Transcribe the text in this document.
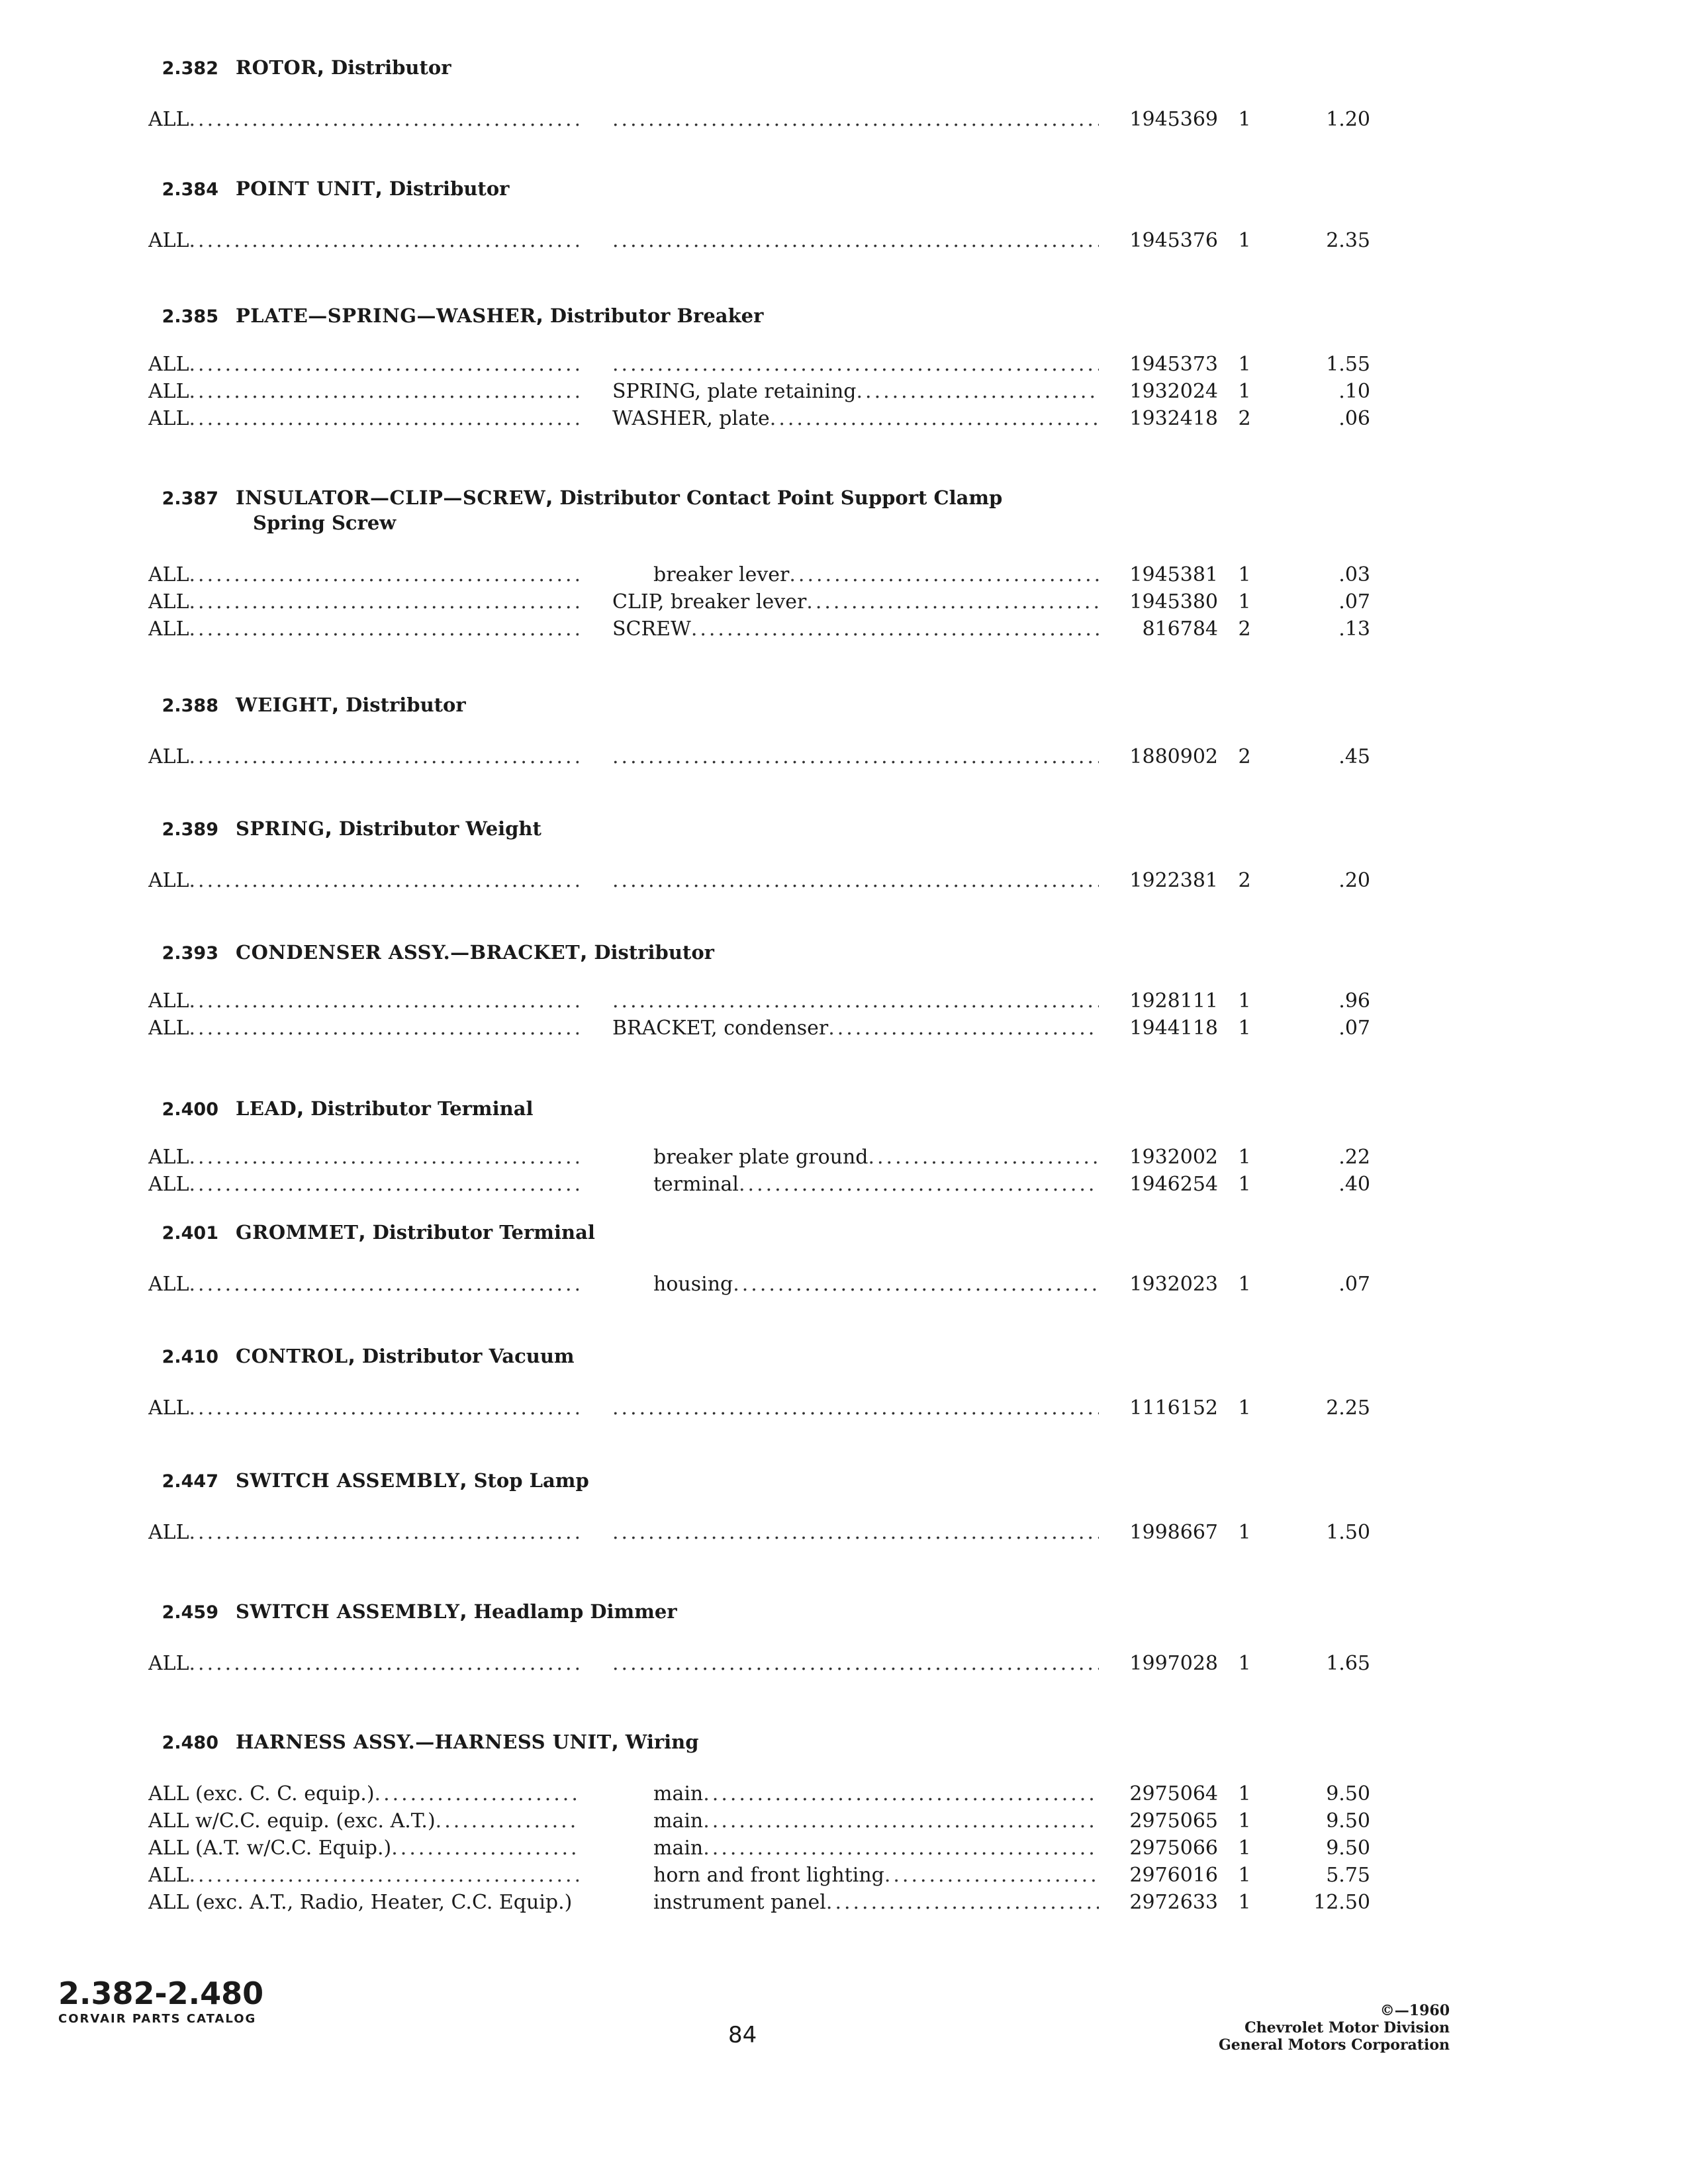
2.382 ROTOR, Distributor
ALL ..... .....	1945369	1	1.20
2.384 POINT UNIT, Distributor
ALL ..... .....	1945376	1	2.35
2.385 PLATE—SPRING—WASHER, Distributor Breaker
ALL ..... .....	1945373	1	1.55
ALL .....	SPRING, plate retaining .....	1932024	1	.10
ALL .....	WASHER, plate .....	1932418	2	.06
2.387 INSULATOR—CLIP—SCREW, Distributor Contact Point Support Clamp
Spring Screw
ALL .....	breaker lever .....	1945381	1	.03
ALL .....	CLIP, breaker lever .....	1945380	1	.07
ALL .....	SCREW .....	816784	2	.13
2.388 WEIGHT, Distributor
ALL ..... .....	1880902	2	.45
2.389 SPRING, Distributor Weight
ALL ..... .....	1922381	2	.20
2.393 CONDENSER ASSY.—BRACKET, Distributor
ALL ..... .....	1928111	1	.96
ALL .....	BRACKET, condenser .....	1944118	1	.07
2.400 LEAD, Distributor Terminal
ALL .....	breaker plate ground .....	1932002	1	.22
ALL .....	terminal .....	1946254	1	.40
2.401 GROMMET, Distributor Terminal
ALL .....	housing .....	1932023	1	.07
2.410 CONTROL, Distributor Vacuum
ALL ..... .....	1116152	1	2.25
2.447 SWITCH ASSEMBLY, Stop Lamp
ALL ..... .....	1998667	1	1.50
2.459 SWITCH ASSEMBLY, Headlamp Dimmer
ALL ..... .....	1997028	1	1.65
2.480 HARNESS ASSY.—HARNESS UNIT, Wiring
ALL (exc. C. C. equip.) .....	main .....	2975064	1	9.50
ALL w/C.C. equip. (exc. A.T.) .....	main .....	2975065	1	9.50
ALL (A.T. w/C.C. Equip.) .....	main .....	2975066	1	9.50
ALL .....	horn and front lighting .....	2976016	1	5.75
ALL (exc. A.T., Radio, Heater, C.C. Equip.)	instrument panel .....	2972633	1	12.50
2.382-2.480
CORVAIR PARTS CATALOG
84
©—1960
Chevrolet Motor Division
General Motors Corporation
